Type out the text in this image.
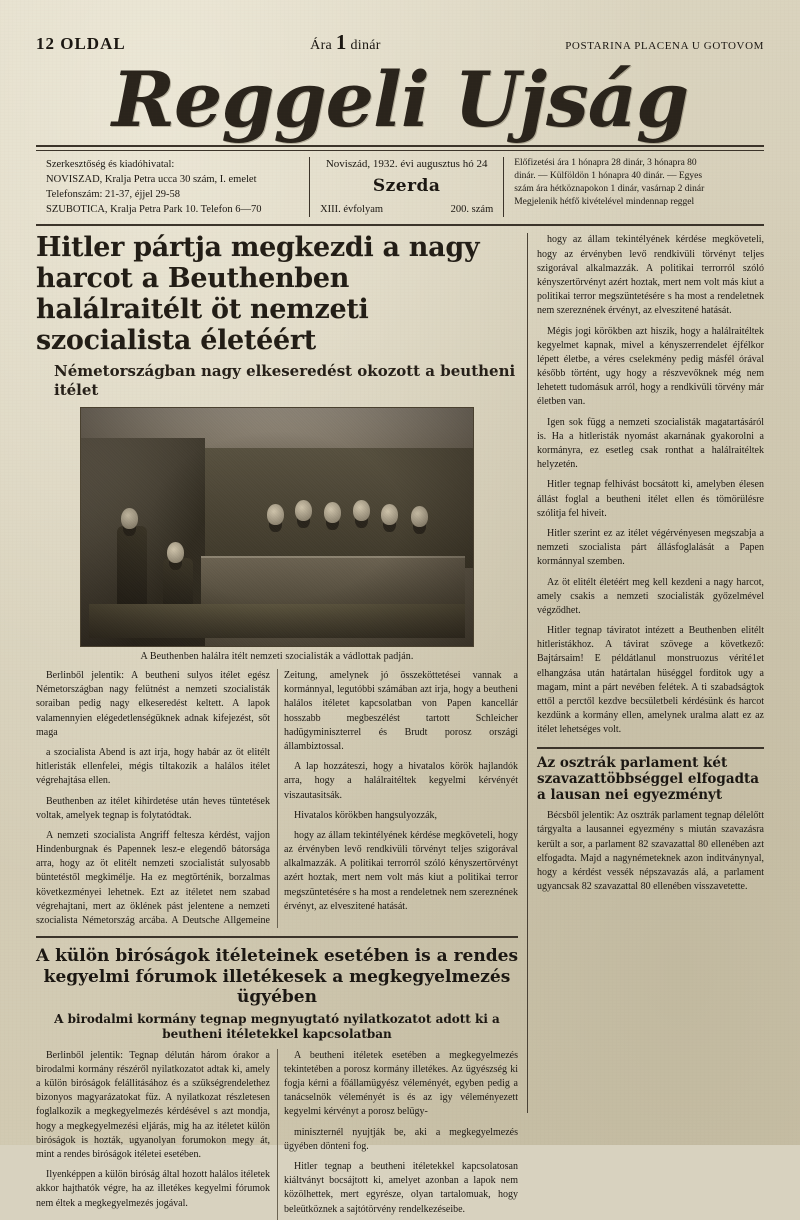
12 OLDAL	Ára 1 dinár	POSTARINA PLACENA U GOTOVOM
Reggeli Ujság
Szerkesztőség és kiadóhivatal:
NOVISZAD, Kralja Petra ucca 30 szám, I. emelet
Telefonszám: 21-37, éjjel 29-58
SZUBOTICA, Kralja Petra Park 10. Telefon 6—70
Noviszád, 1932. évi augusztus hó 24
Szerda
XIII. évfolyam	200. szám
Előfizetési ára 1 hónapra 28 dinár, 3 hónapra 80
dinár. — Külföldön 1 hónapra 40 dinár. — Egyes
szám ára hétköznapokon 1 dinár, vasárnap 2 dinár
Megjelenik hétfő kivételével mindennap reggel
Hitler pártja megkezdi a nagy harcot a Beuthenben halálraitélt öt nemzeti szocialista életéért
Németországban nagy elkeseredést okozott a beutheni itélet
A Beuthenben halálra itélt nemzeti szocialisták a vádlottak padján.

Berlinből jelentik: A beutheni sulyos itélet egész Németországban nagy felütnést a nemzeti szocialisták soraiban pedig nagy elkeseredést keltett. A lapok valamennyien elégedetlenségüknek adnak kifejezést, sőt maga

a szocialista Abend is azt irja, hogy habár az öt elitélt hitleristák ellenfelei, mégis tiltakozik a halálos itélet végrehajtása ellen.

Beuthenben az itélet kihirdetése után heves tüntetések voltak, amelyek tegnap is folytatódtak.

A nemzeti szocialista Angriff feltesza kérdést, vajjon Hindenburgnak és Papennek lesz-e elegendő bátorsága arra, hogy az öt elitélt nemzeti szocialistát sulyosabb büntetéstől megkimélje. Ha ez megtörténik, borzalmas következményei lehetnek. Ezt az itéletet nem szabad végrehajtani, mert az öklének pást jelentene a nemzeti szocialista Németország arcába. A Deutsche Allgemeine Zeitung, amelynek jó összeköttetései vannak a kormánnyal, legutóbbi számában azt irja, hogy a beutheni halálos itéletet kapcsolatban von Papen kancellár hosszabb megbeszélést tartott Schleicher hadügyminiszterrel és Brudt porosz országi állambiztossal.

A lap hozzáteszi, hogy a hivatalos körök hajlandók arra, hogy a halálraitéltek kegyelmi kérvényét viszautasitsák.

Hivatalos körökben hangsulyozzák,

hogy az állam tekintélyének kérdése megköveteli, hogy az érvényben levő rendkivüli törvényt teljes szigorával alkalmazzák. A politikai terrorról szóló kényszertörvényt azért hoztak, mert nem volt más kiut a politikai terror megszüntetésére s ha most a rendeletnek nem szereznének érvényt, az elveszitené hatását.

A külön biróságok itéleteinek esetében is a rendes kegyelmi fórumok illetékesek a megkegyelmezés ügyében
A birodalmi kormány tegnap megnyugtató nyilatkozatot adott ki a beutheni itéletekkel kapcsolatban

Berlinből jelentik: Tegnap délután három órakor a birodalmi kormány részéről nyilatkozatot adtak ki, amely a külön biróságok felállitásához és a szükségrendelethez bizonyos magyarázatokat füz. A nyilatkozat részletesen foglalkozik a megkegyelmezés kérdésével s azt mondja, hogy a megkegyelmezési eljárás, mig ha az itéletet külön biróságok is hozták, ugyanolyan forumokon megy át, mint a rendes biróságok itéletei esetében.

Ilyenképpen a külön biróság által hozott halálos itéletek akkor hajthatók végre, ha az illetékes kegyelmi fórumok nem éltek a megkegyelmezés jogával.

A beutheni itéletek esetében a megkegyelmezés tekintetében a porosz kormány illetékes. Az ügyészség ki fogja kérni a főállamügyész véleményét, egyben pedig a tanácselnök véleményét is és az igy véleményezett kegyelmi kérvényt a porosz belügy-

miniszternél nyujtják be, aki a megkegyelmezés ügyében dönteni fog.

Hitler tegnap a beutheni itéletekkel kapcsolatosan kiáltványt bocsájtott ki, amelyet azonban a lapok nem közölhettek, mert egyrésze, olyan tartalomuak, hogy beleütköznek a sajtótörvény rendelkezéseibe.

hogy az állam tekintélyének kérdése megköveteli, hogy az érvényben levő rendkivüli törvényt teljes szigorával alkalmazzák. A politikai terrorról szóló kényszertörvényt azért hoztak, mert nem volt más kiut a politikai terror megszüntetésére s ha most a rendeletnek nem szereznének érvényt, az elveszitené hatását.

Mégis jogi körökben azt hiszik, hogy a halálraitéltek kegyelmet kapnak, mivel a kényszerrendelet éjfélkor lépett életbe, a véres cselekmény pedig másfél órával később történt, ugy hogy a részvevőknek még nem lehetett tudomásuk arról, hogy a rendkivüli törvény már életben van.

Igen sok függ a nemzeti szocialisták magatartásáról is. Ha a hitleristák nyomást akarnának gyakorolni a kormányra, ez esetleg csak ronthat a halálraitéltek helyzetén.

Hitler tegnap felhivást bocsátott ki, amelyben élesen állást foglal a beutheni itélet ellen és tömörülésre szólitja fel hiveit.

Hitler szerint ez az itélet végérvényesen megszabja a nemzeti szocialista párt állásfoglalását a Papen kormánnyal szemben.

Az öt elitélt életéért meg kell kezdeni a nagy harcot, amely csakis a nemzeti szocialisták győzelmével végződhet.

Hitler tegnap táviratot intézett a Beuthenben elitélt hitleristákhoz. A távirat szövege a következő: Bajtársaim! E példátlanul monstruozus vérité1et elhangzása után határtalan hüséggel forditok ugy a magam, mint a párt nevében felétek. A ti szabadságtok ettől a perctől kezdve becsületbeli kérdésünk és harcot kezdünk a kormány ellen, amelynek uralma alatt ez az itélet lehetséges volt.

Az osztrák parlament két szavazattöbbséggel elfogadta a lausan nei egyezményt

Bécsből jelentik: Az osztrák parlament tegnap délelőtt tárgyalta a lausannei egyezmény s miután szavazásra került a sor, a parlament 82 szavazattal 80 ellenében azt elfogadta. Majd a nagynémeteknek azon inditványnyal, hogy a kérdést vessék népszavazás alá, a parlament ugyancsak 82 szavazattal 80 ellenében visszavetette.
